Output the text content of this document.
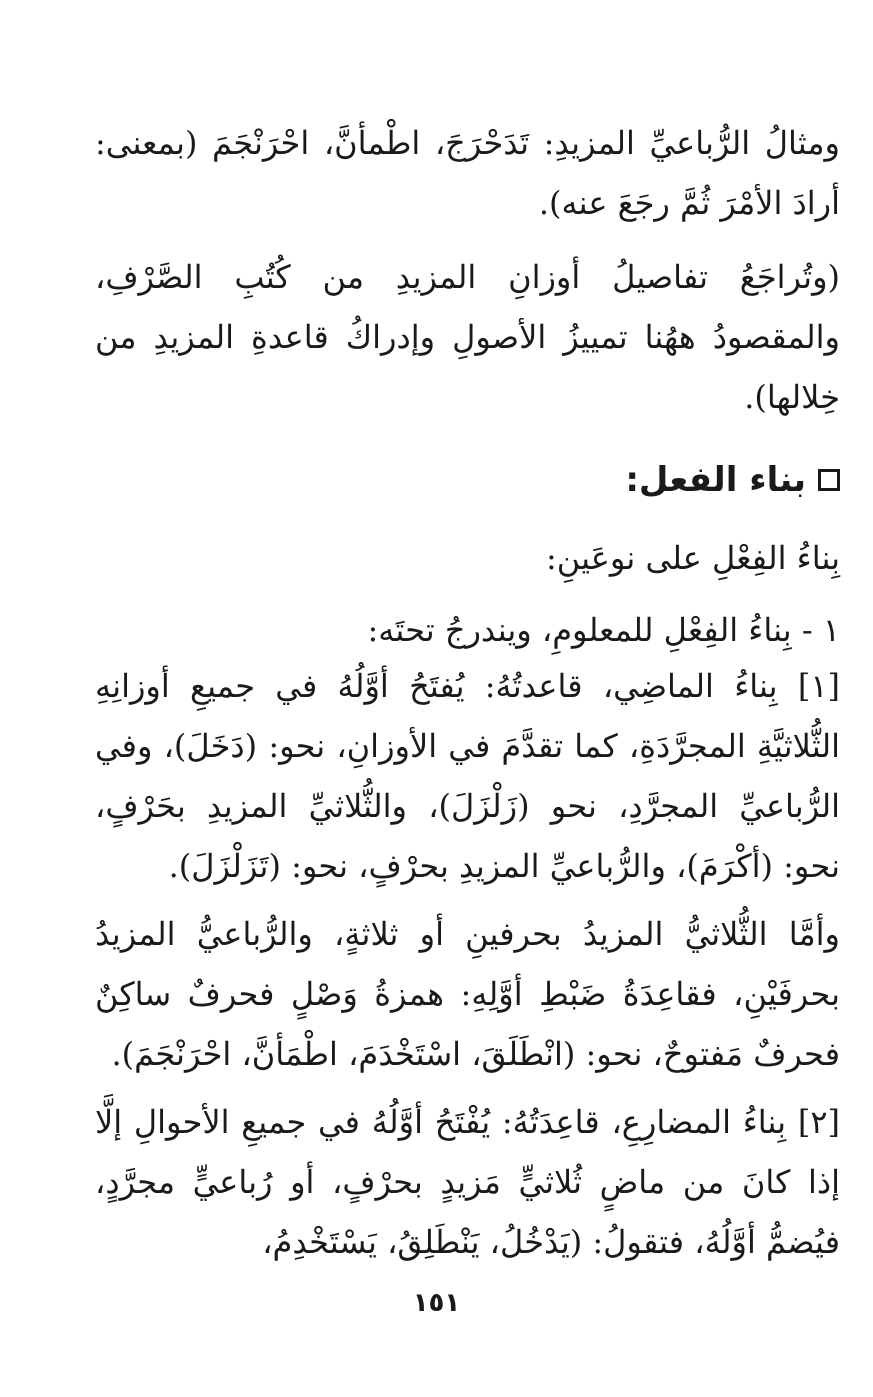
ومثالُ الرُّباعيِّ المزيدِ: تَدَحْرَجَ، اطْمأنَّ، احْرَنْجَمَ (بمعنى: أرادَ الأمْرَ ثُمَّ رجَعَ عنه).

(وتُراجَعُ تفاصيلُ أوزانِ المزيدِ من كُتُبِ الصَّرْفِ، والمقصودُ ههُنا تمييزُ الأصولِ وإدراكُ قاعدةِ المزيدِ من خِلالها).

بناء الفعل:

بِناءُ الفِعْلِ على نوعَينِ:

١ - بِناءُ الفِعْلِ للمعلومِ، ويندرجُ تحتَه:

[١] بِناءُ الماضِي، قاعدتُهُ: يُفتَحُ أوَّلُهُ في جميعِ أوزانِهِ الثُّلاثيَّةِ المجرَّدَةِ، كما تقدَّمَ في الأوزانِ، نحو: (دَخَلَ)، وفي الرُّباعيِّ المجرَّدِ، نحو (زَلْزَلَ)، والثُّلاثيِّ المزيدِ بحَرْفٍ، نحو: (أكْرَمَ)، والرُّباعيِّ المزيدِ بحرْفٍ، نحو: (تَزَلْزَلَ).

وأمَّا الثُّلاثيُّ المزيدُ بحرفينِ أو ثلاثةٍ، والرُّباعيُّ المزيدُ بحرفَيْنِ، فقاعِدَةُ ضَبْطِ أوَّلِهِ: همزةُ وَصْلٍ فحرفٌ ساكِنٌ فحرفٌ مَفتوحٌ، نحو: (انْطَلَقَ، اسْتَخْدَمَ، اطْمَأنَّ، احْرَنْجَمَ).

[٢] بِناءُ المضارِعِ، قاعِدَتُهُ: يُفْتَحُ أوَّلُهُ في جميعِ الأحوالِ إلَّا إذا كانَ من ماضٍ ثُلاثيٍّ مَزيدٍ بحرْفٍ، أو رُباعيٍّ مجرَّدٍ، فيُضمُّ أوَّلُهُ، فتقولُ: (يَدْخُلُ، يَنْطَلِقُ، يَسْتَخْدِمُ،

١٥١
